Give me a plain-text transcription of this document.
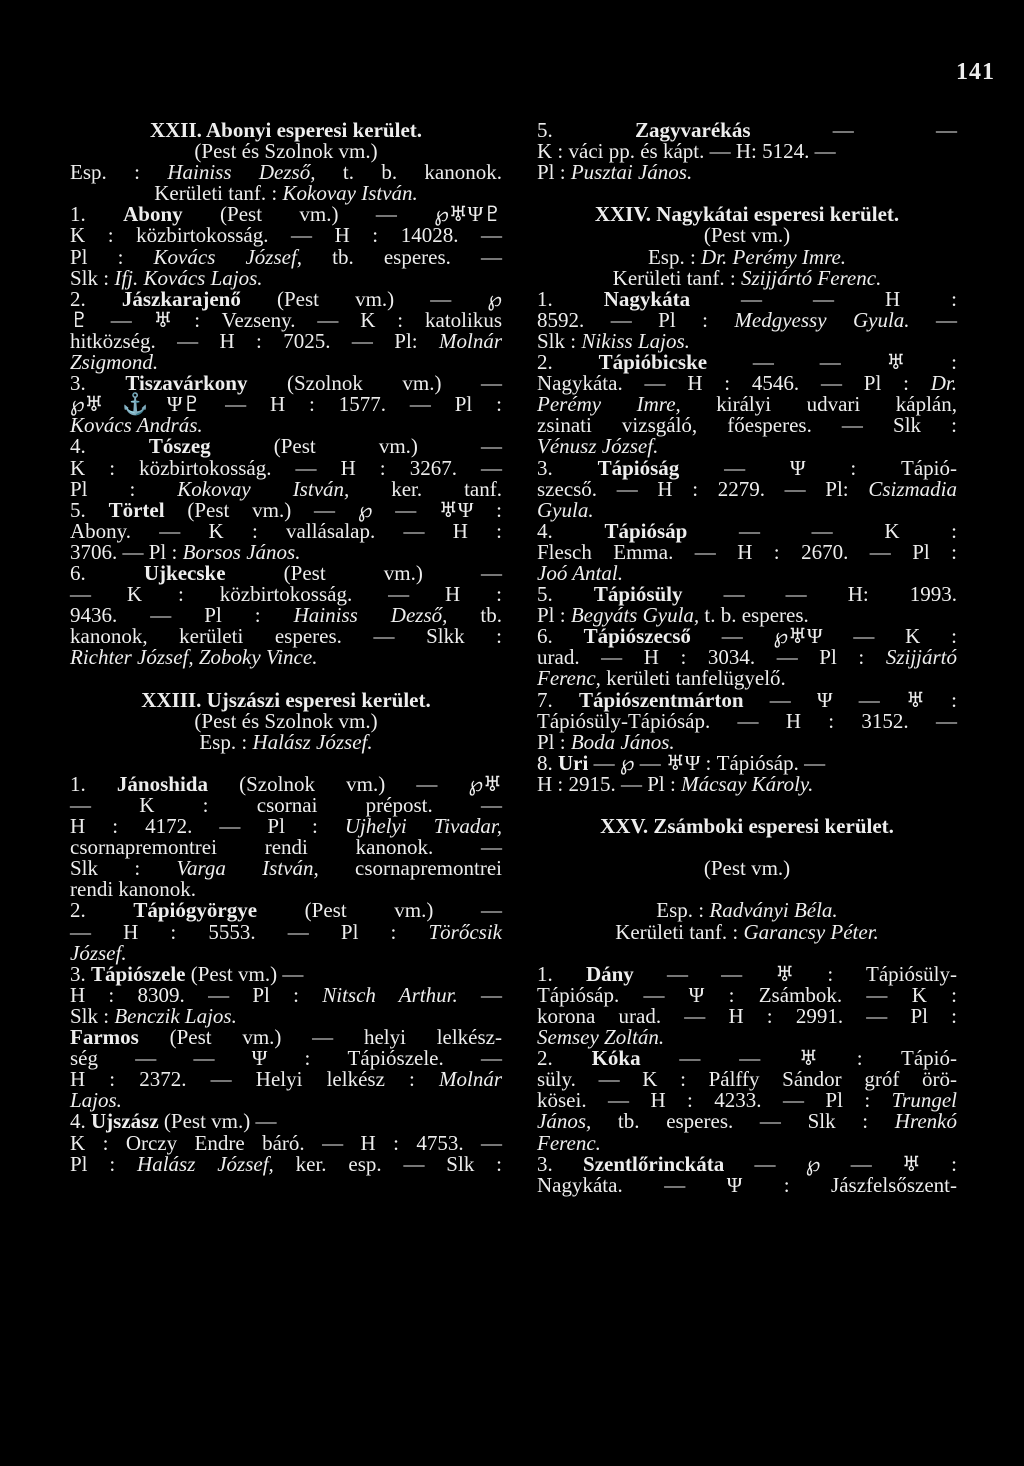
141
XXII. Abonyi esperesi kerület.
(Pest és Szolnok vm.)
Esp. : Hainiss Dezső, t. b. kanonok.
Kerületi tanf. : Kokovay István.
1. Abony (Pest vm.) — ℘♅Ψ♇
K : közbirtokosság. — H : 14028. —
Pl : Kovács József, tb. esperes. —
Slk : Ifj. Kovács Lajos.
2. Jászkarajenő (Pest vm.) — ℘
♇ — ♅ : Vezseny. — K : katolikus
hitközség. — H : 7025. — Pl: Molnár
Zsigmond.
3. Tiszavárkony (Szolnok vm.) —
℘♅⚓Ψ♇ — H : 1577. — Pl :
Kovács András.
4. Tószeg (Pest vm.) —
K : közbirtokosság. — H : 3267. —
Pl : Kokovay István, ker. tanf.
5. Törtel (Pest vm.) — ℘ — ♅Ψ :
Abony. — K : vallásalap. — H :
3706. — Pl : Borsos János.
6. Ujkecske (Pest vm.) —
— K : közbirtokosság. — H :
9436. — Pl : Hainiss Dezső, tb.
kanonok, kerületi esperes. — Slkk :
Richter József, Zoboky Vince.
XXIII. Ujszászi esperesi kerület.
(Pest és Szolnok vm.)
Esp. : Halász József.
1. Jánoshida (Szolnok vm.) — ℘♅
— K : csornai prépost. —
H : 4172. — Pl : Ujhelyi Tivadar,
csornapremontrei rendi kanonok. —
Slk : Varga István, csornapremontrei
rendi kanonok.
2. Tápiógyörgye (Pest vm.) —
— H : 5553. — Pl : Törőcsik
József.
3. Tápiószele (Pest vm.) —
H : 8309. — Pl : Nitsch Arthur. —
Slk : Benczik Lajos.
Farmos (Pest vm.) — helyi lelkész-
ség — — Ψ : Tápiószele. —
H : 2372. — Helyi lelkész : Molnár
Lajos.
4. Ujszász (Pest vm.) —
K : Orczy Endre báró. — H : 4753. —
Pl : Halász József, ker. esp. — Slk :
5. Zagyvarékás — —
K : váci pp. és kápt. — H: 5124. —
Pl : Pusztai János.
XXIV. Nagykátai esperesi kerület.
(Pest vm.)
Esp. : Dr. Perémy Imre.
Kerületi tanf. : Szijjártó Ferenc.
1. Nagykáta — — H :
8592. — Pl : Medgyessy Gyula. —
Slk : Nikiss Lajos.
2. Tápióbicske — — ♅ :
Nagykáta. — H : 4546. — Pl : Dr.
Perémy Imre, királyi udvari káplán,
zsinati vizsgáló, főesperes. — Slk :
Vénusz József.
3. Tápióság — Ψ : Tápió-
szecső. — H : 2279. — Pl: Csizmadia
Gyula.
4. Tápiósáp — — K :
Flesch Emma. — H : 2670. — Pl :
Joó Antal.
5. Tápiósüly — — H: 1993.
Pl : Begyáts Gyula, t. b. esperes.
6. Tápiószecső — ℘♅Ψ — K :
urad. — H : 3034. — Pl : Szijjártó
Ferenc, kerületi tanfelügyelő.
7. Tápiószentmárton — Ψ — ♅ :
Tápiósüly-Tápiósáp. — H : 3152. —
Pl : Boda János.
8. Uri — ℘ — ♅Ψ : Tápiósáp. —
H : 2915. — Pl : Mácsay Károly.
XXV. Zsámboki esperesi kerület.
(Pest vm.)
Esp. : Radványi Béla.
Kerületi tanf. : Garancsy Péter.
1. Dány — — ♅ : Tápiósüly-
Tápiósáp. — Ψ : Zsámbok. — K :
korona urad. — H : 2991. — Pl :
Semsey Zoltán.
2. Kóka — — ♅ : Tápió-
süly. — K : Pálffy Sándor gróf örö-
kösei. — H : 4233. — Pl : Trungel
János, tb. esperes. — Slk : Hrenkó
Ferenc.
3. Szentlőrinckáta — ℘ — ♅ :
Nagykáta. — Ψ : Jászfelsőszent-
